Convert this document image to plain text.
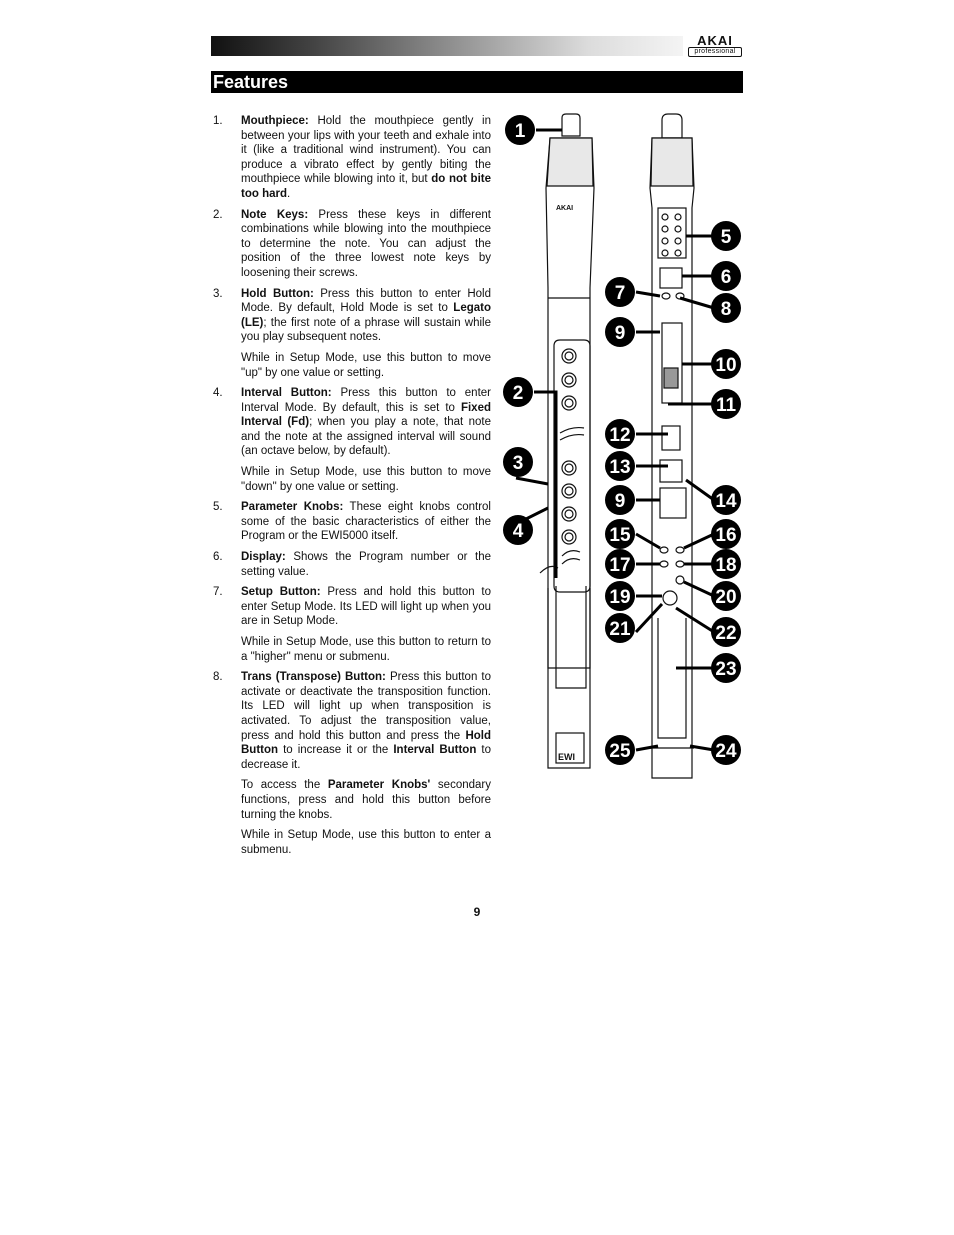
AKAI
professional
Features
1. Mouthpiece: Hold the mouthpiece gently in between your lips with your teeth and exhale into it (like a traditional wind instrument). You can produce a vibrato effect by gently biting the mouthpiece while blowing into it, but do not bite too hard.

2. Note Keys: Press these keys in different combinations while blowing into the mouthpiece to determine the note. You can adjust the position of the three lowest note keys by loosening their screws.

3. Hold Button: Press this button to enter Hold Mode. By default, Hold Mode is set to Legato (LE); the first note of a phrase will sustain while you play subsequent notes.

While in Setup Mode, use this button to move "up" by one value or setting.

4. Interval Button: Press this button to enter Interval Mode. By default, this is set to Fixed Interval (Fd); when you play a note, that note and the note at the assigned interval will sound (an octave below, by default).

While in Setup Mode, use this button to move "down" by one value or setting.

5. Parameter Knobs: These eight knobs control some of the basic characteristics of either the Program or the EWI5000 itself.

6. Display: Shows the Program number or the setting value.

7. Setup Button: Press and hold this button to enter Setup Mode. Its LED will light up when you are in Setup Mode.

While in Setup Mode, use this button to return to a "higher" menu or submenu.

8. Trans (Transpose) Button: Press this button to activate or deactivate the transposition function. Its LED will light up when transposition is activated. To adjust the transposition value, press and hold this button and press the Hold Button to increase it or the Interval Button to decrease it.

To access the Parameter Knobs' secondary functions, press and hold this button before turning the knobs.

While in Setup Mode, use this button to enter a submenu.

AKAI
EWI
1
2
3
4
5
6
7
8
9
10
11
12
13
9	14
15	16
17	18
19	20
21	22
23
24
25
9
